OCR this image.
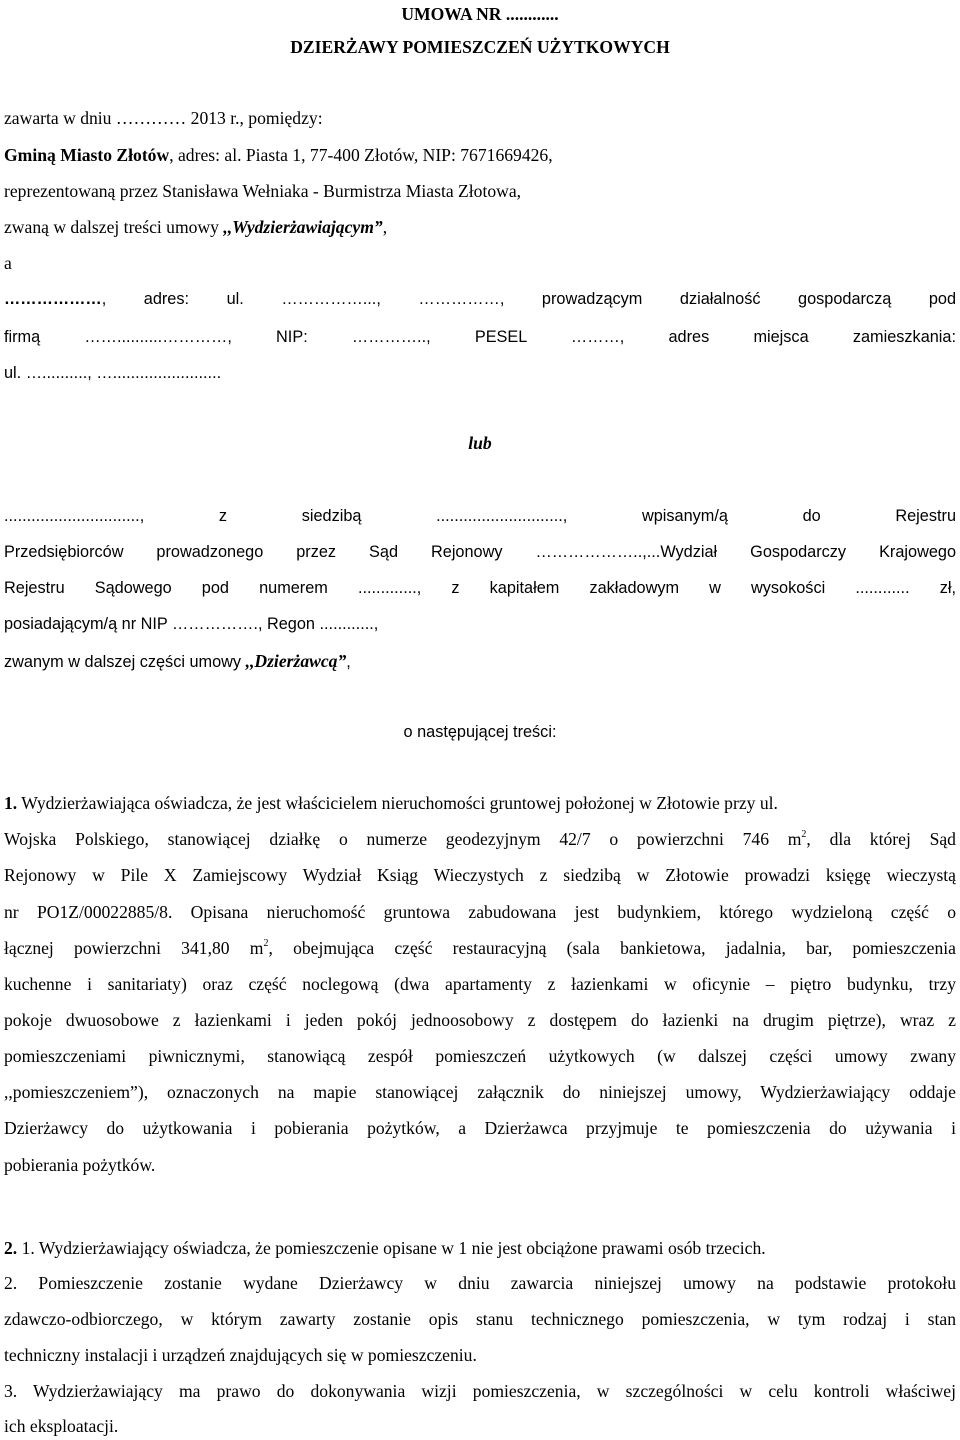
UMOWA NR ............
DZIERŻAWY POMIESZCZEŃ UŻYTKOWYCH
zawarta w dniu ………… 2013 r., pomiędzy:
Gminą Miasto Złotów, adres: al. Piasta 1, 77-400 Złotów, NIP: 7671669426,
reprezentowaną przez Stanisława Wełniaka - Burmistrza Miasta Złotowa,
zwaną w dalszej treści umowy ,,Wydzierżawiającym”,
a
………………, adres: ul. ……………..., ……………, prowadzącym działalność gospodarczą pod
firmą ……..........…………, NIP: ………….., PESEL ………, adres miejsca zamieszkania:
ul. ….........., …........................
lub
.............................., z siedzibą ............................, wpisanym/ą do Rejestru
Przedsiębiorców prowadzonego przez Sąd Rejonowy ………………..,...Wydział Gospodarczy Krajowego
Rejestru Sądowego pod numerem ............., z kapitałem zakładowym w wysokości ............ zł,
posiadającym/ą nr NIP ……………., Regon ............,
zwanym w dalszej części umowy ,,Dzierżawcą”,
o następującej treści:
1. Wydzierżawiająca oświadcza, że jest właścicielem nieruchomości gruntowej położonej w Złotowie przy ul.
Wojska Polskiego, stanowiącej działkę o numerze geodezyjnym 42/7 o powierzchni 746 $m^2$, dla której Sąd
Rejonowy w Pile X Zamiejscowy Wydział Ksiąg Wieczystych z siedzibą w Złotowie prowadzi księgę wieczystą
nr PO1Z/00022885/8. Opisana nieruchomość gruntowa zabudowana jest budynkiem, którego wydzieloną część o
łącznej powierzchni 341,80 $m^2$, obejmująca część restauracyjną (sala bankietowa, jadalnia, bar, pomieszczenia
kuchenne i sanitariaty) oraz część noclegową (dwa apartamenty z łazienkami w oficynie – piętro budynku, trzy
pokoje dwuosobowe z łazienkami i jeden pokój jednoosobowy z dostępem do łazienki na drugim piętrze), wraz z
pomieszczeniami piwnicznymi, stanowiącą zespół pomieszczeń użytkowych (w dalszej części umowy zwany
,,pomieszczeniem”), oznaczonych na mapie stanowiącej załącznik do niniejszej umowy, Wydzierżawiający oddaje
Dzierżawcy do użytkowania i pobierania pożytków, a Dzierżawca przyjmuje te pomieszczenia do używania i
pobierania pożytków.
2. 1. Wydzierżawiający oświadcza, że pomieszczenie opisane w 1 nie jest obciążone prawami osób trzecich.
2. Pomieszczenie zostanie wydane Dzierżawcy w dniu zawarcia niniejszej umowy na podstawie protokołu
zdawczo-odbiorczego, w którym zawarty zostanie opis stanu technicznego pomieszczenia, w tym rodzaj i stan
techniczny instalacji i urządzeń znajdujących się w pomieszczeniu.
3. Wydzierżawiający ma prawo do dokonywania wizji pomieszczenia, w szczególności w celu kontroli właściwej
ich eksploatacji.
